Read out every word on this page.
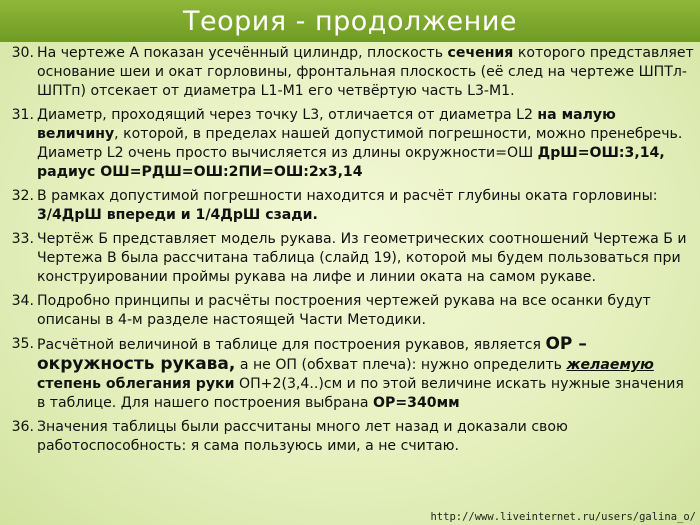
Теория - продолжение
30. На чертеже А показан усечённый цилиндр, плоскость сечения которого представляет основание шеи и окат горловины, фронтальная плоскость (её след на чертеже ШПТл-ШПТп) отсекает от диаметра L1-M1 его четвёртую часть L3-M1.
31. Диаметр, проходящий через точку L3, отличается от диаметра L2 на малую величину, которой, в пределах нашей допустимой погрешности, можно пренебречь. Диаметр L2 очень просто вычисляется из длины окружности=ОШ ДрШ=ОШ:3,14, радиус ОШ=РДШ=ОШ:2ПИ=ОШ:2х3,14
32. В рамках допустимой погрешности находится и расчёт глубины оката горловины: 3/4ДрШ впереди и 1/4ДрШ сзади.
33. Чертёж Б представляет модель рукава. Из геометрических соотношений Чертежа Б и Чертежа В была рассчитана таблица (слайд 19), которой мы будем пользоваться при конструировании проймы рукава на лифе и линии оката на самом рукаве.
34. Подробно принципы и расчёты построения чертежей рукава на все осанки будут описаны в 4-м разделе настоящей Части Методики.
35. Расчётной величиной в таблице для построения рукавов, является ОР – окружность рукава, а не ОП (обхват плеча): нужно определить желаемую степень облегания руки ОП+2(3,4..)см и по этой величине искать нужные значения в таблице. Для нашего построения выбрана ОР=340мм
36. Значения таблицы были рассчитаны много лет назад и доказали свою работоспособность: я сама пользуюсь ими, а не считаю.
http://www.liveinternet.ru/users/galina_o/
